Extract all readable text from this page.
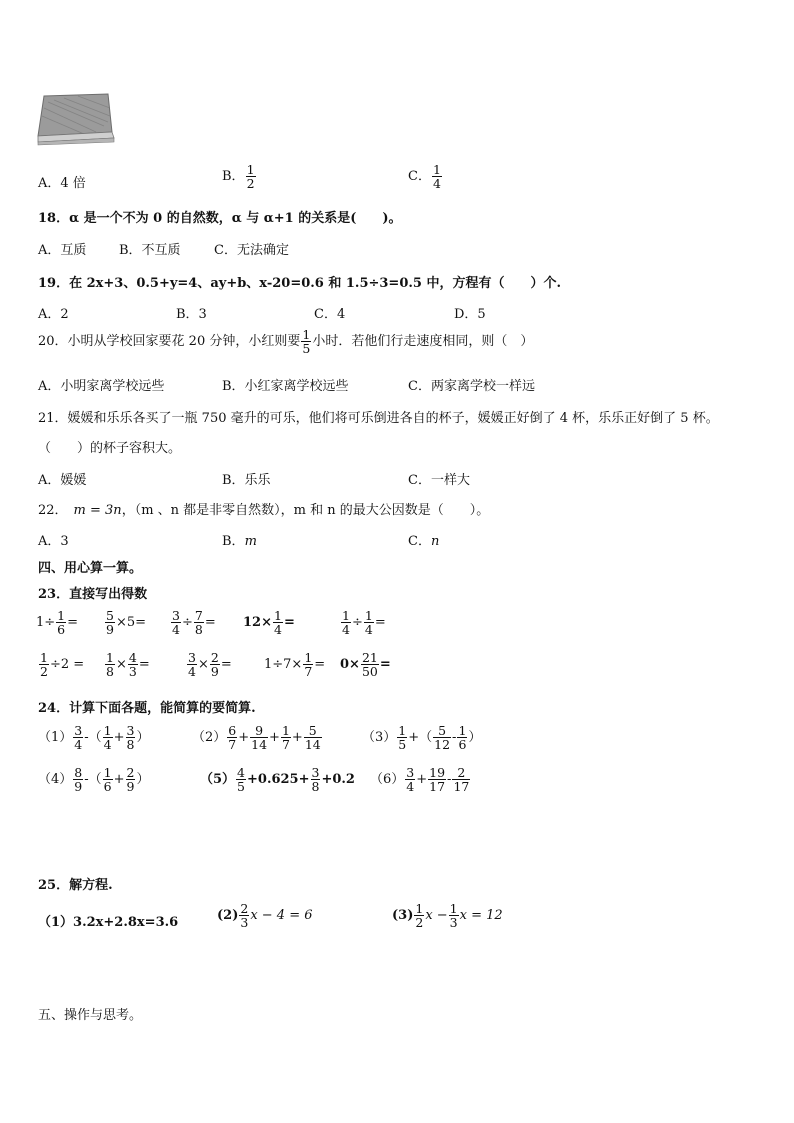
A．4 倍	B． $\frac{1}{2}$	C． $\frac{1}{4}$
18．α 是一个不为 0 的自然数，α 与 α+1 的关系是(　　)。
A．互质	B．不互质	C．无法确定
19．在 2x+3、0.5+y=4、ay+b、x-20=0.6 和 1.5÷3=0.5 中，方程有（　　）个.
A．2	B．3	C．4	D．5
20．小明从学校回家要花 20 分钟，小红则要 $\frac{1}{5}$ 小时．若他们行走速度相同，则（　）
A．小明家离学校远些	B．小红家离学校远些	C．两家离学校一样远
21．媛媛和乐乐各买了一瓶 750 毫升的可乐，他们将可乐倒进各自的杯子，媛媛正好倒了 4 杯，乐乐正好倒了 5 杯。
（　　）的杯子容积大。
A．媛媛	B．乐乐	C．一样大
22． m = 3n，（m 、n 都是非零自然数），m 和 n 的最大公因数是（　　）。
A．3	B．m	C．n
四、用心算一算。
23．直接写出得数
$1\div \frac{1}{6} = \frac{5}{9} \times 5= \frac{3}{4} \div \frac{7}{8} = 12\times \frac{1}{4}$ =	$\frac{1}{4} \div \frac{1}{4}$ =
$\frac{1}{2} \div 2 = \frac{1}{8} \times \frac{4}{3}$ =	$\frac{3}{4} \times \frac{2}{9} = 1\div 7\times \frac{1}{7} = 0\times \frac{21}{50}$ =
24．计算下面各题，能简算的要简算.
$(1) \frac{3}{4}$ -（ $\frac{1}{4} + \frac{3}{8}$ ）	$(2) \frac{6}{7} + \frac{9}{14} + \frac{1}{7} + \frac{5}{14}$	$(3) \frac{1}{5}$ +（ $\frac{5}{12} - \frac{1}{6}$ ）
$(4) \frac{8}{9}$ -（ $\frac{1}{6} + \frac{2}{9}$ ）	$(5) \frac{4}{5} +0.625+ \frac{3}{8} +0.2$ $(6) \frac{3}{4} + \frac{19}{17} - \frac{2}{17}$
25．解方程.
（1）3.2x+2.8x=3.6	$(2) \frac{2}{3}$ x − 4 = 6	$(3) \frac{1}{2}$ $x - \frac{1}{3}$ x = 12
五、操作与思考。
